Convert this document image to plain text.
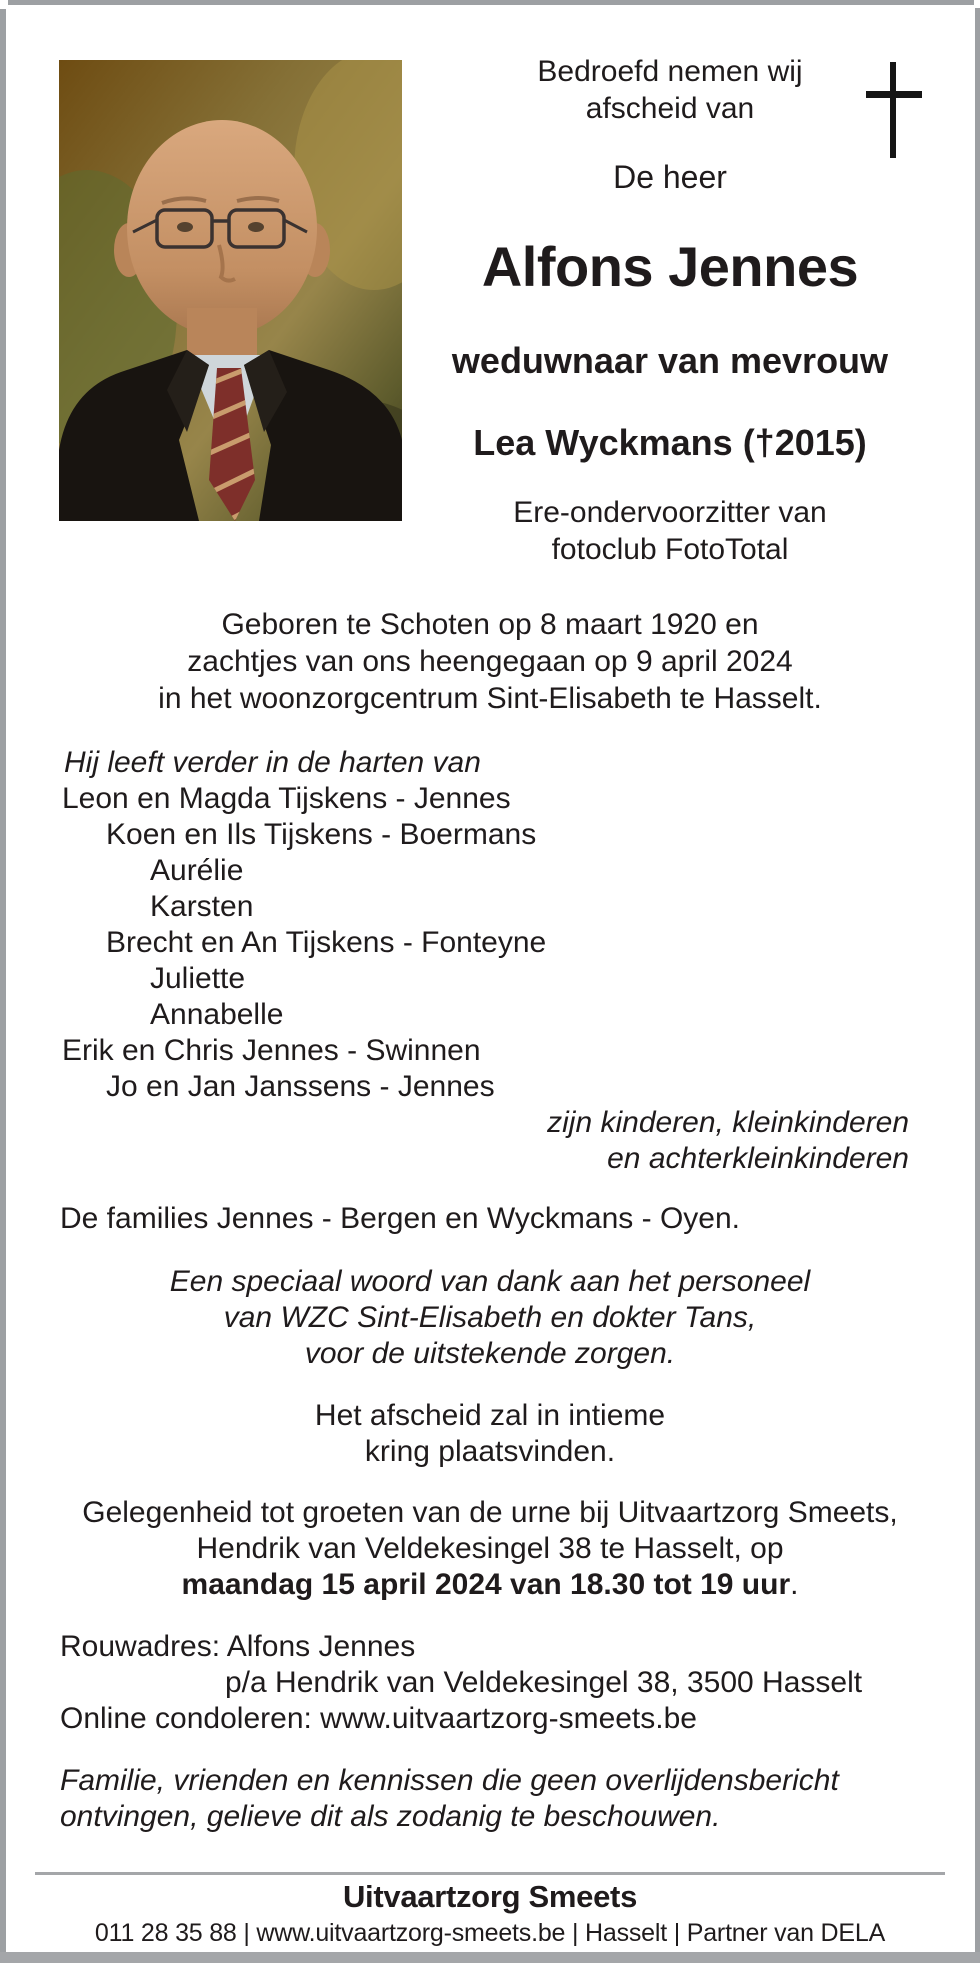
Bedroefd nemen wij
afscheid van
De heer
Alfons Jennes
weduwnaar van mevrouw
Lea Wyckmans (†2015)
Ere-ondervoorzitter van
fotoclub FotoTotal
Geboren te Schoten op 8 maart 1920 en
zachtjes van ons heengegaan op 9 april 2024
in het woonzorgcentrum Sint-Elisabeth te Hasselt.
Hij leeft verder in de harten van
Leon en Magda Tijskens - Jennes
Koen en Ils Tijskens - Boermans
Aurélie
Karsten
Brecht en An Tijskens - Fonteyne
Juliette
Annabelle
Erik en Chris Jennes - Swinnen
Jo en Jan Janssens - Jennes
zijn kinderen, kleinkinderen
en achterkleinkinderen
De families Jennes - Bergen en Wyckmans - Oyen.
Een speciaal woord van dank aan het personeel
van WZC Sint-Elisabeth en dokter Tans,
voor de uitstekende zorgen.
Het afscheid zal in intieme
kring plaatsvinden.
Gelegenheid tot groeten van de urne bij Uitvaartzorg Smeets,
Hendrik van Veldekesingel 38 te Hasselt, op
maandag 15 april 2024 van 18.30 tot 19 uur.
Rouwadres: Alfons Jennes
p/a Hendrik van Veldekesingel 38, 3500 Hasselt
Online condoleren: www.uitvaartzorg-smeets.be
Familie, vrienden en kennissen die geen overlijdensbericht
ontvingen, gelieve dit als zodanig te beschouwen.
Uitvaartzorg Smeets
011 28 35 88 | www.uitvaartzorg-smeets.be | Hasselt | Partner van DELA
